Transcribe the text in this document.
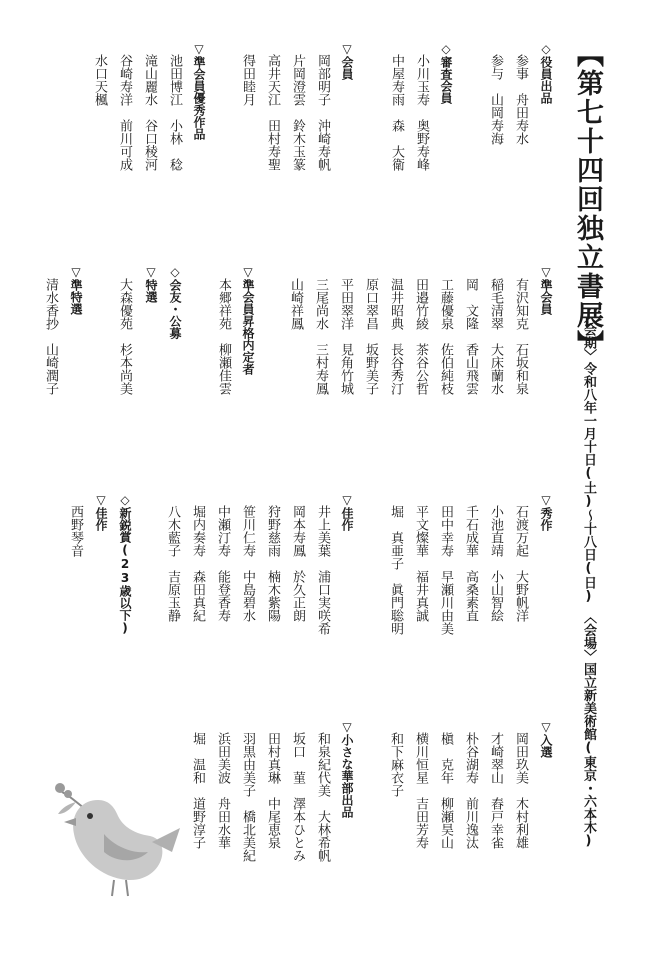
【第七十四回独立書展】
〈会期〉令和八年一月十日(土)〜十八日(日)　〈会場〉国立新美術館(東京・六本木)
◇役員出品
参事　舟田寿水
参与　山岡寿海
◇審査会員
小川玉寿　奥野寿峰
中屋寿雨　森　大衛
▽会員
岡部明子　沖崎寿帆
片岡澄雲　鈴木玉篆
高井天江　田村寿聖
得田睦月
▽準会員優秀作品
池田博江　小林　稔
滝山麗水　谷口稜河
谷崎寿洋　前川可成
水口天楓
▽準会員
有沢知克　石坂和泉
稲毛清翠　大床蘭水
岡　文隆　香山飛雲
工藤優泉　佐伯純枝
田邉竹綾　茶谷公哲
温井昭典　長谷秀汀
原口翠昌　坂野美子
平田翠洋　見角竹城
三尾尚水　三村寿鳳
山崎祥鳳
▽準会員昇格内定者
本郷祥苑　柳瀬佳雲
◇会友・公募
▽特選
大森優苑　杉本尚美
▽準特選
清水香抄　山崎潤子
▽秀作
石渡万起　大野帆洋
小池直靖　小山智絵
千石成華　高桑素直
田中幸寿　早瀬川由美
平文燦華　福井真誠
堀　真亜子　眞門聡明
▽佳作
井上美葉　浦口実咲希
岡本寿鳳　於久正朗
狩野慈雨　楠木紫陽
笹川仁寿　中島碧水
中瀬汀寿　能登香寿
堀内奏寿　森田真紀
八木藍子　吉原玉静
◇新鋭賞(23歳以下)
▽佳作
西野琴音
▽入選
岡田玖美　木村利雄
才崎翠山　舂戸幸雀
朴谷湖寿　前川逸汰
槇　克年　柳瀬昊山
横川恒星　吉田芳寿
和下麻衣子
▽小さな華部出品
和泉紀代美　大林希帆
坂口　菫　澤本ひとみ
田村真琳　中尾恵泉
羽黒由美子　橋北美紀
浜田美波　舟田水華
堀　温和　道野淳子
